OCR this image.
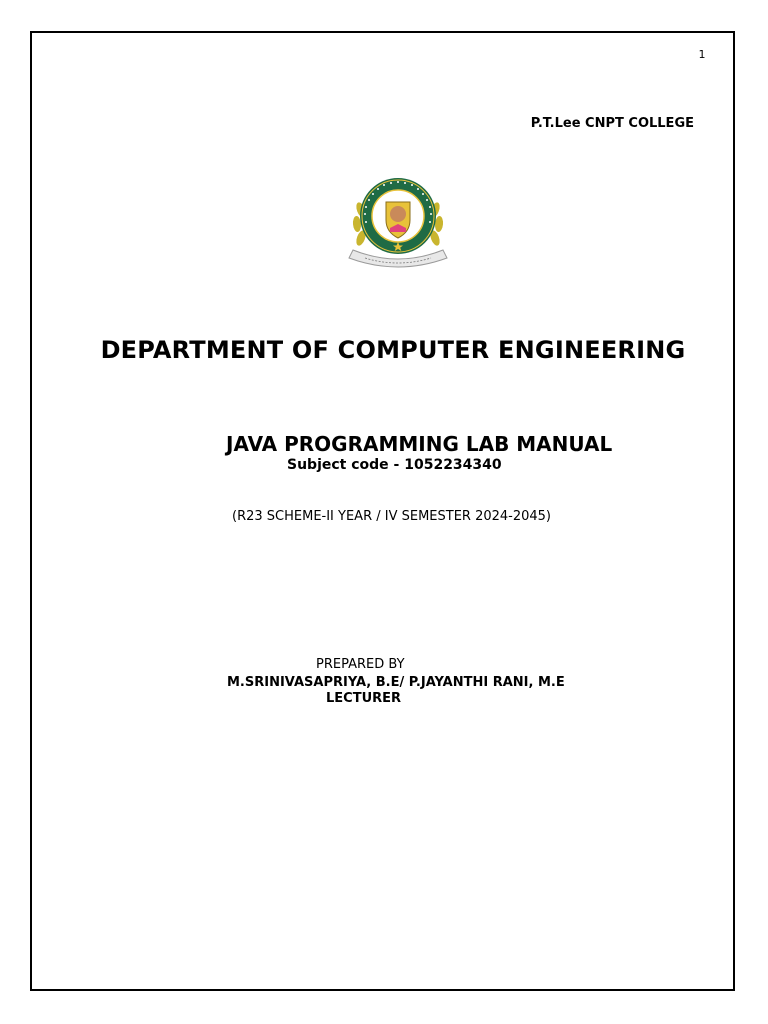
1
P.T.Lee CNPT COLLEGE
DEPARTMENT OF COMPUTER ENGINEERING
JAVA PROGRAMMING LAB MANUAL
Subject code - 1052234340
(R23 SCHEME-II YEAR / IV SEMESTER 2024-2045)
PREPARED BY
M.SRINIVASAPRIYA, B.E/ P.JAYANTHI RANI, M.E
LECTURER
